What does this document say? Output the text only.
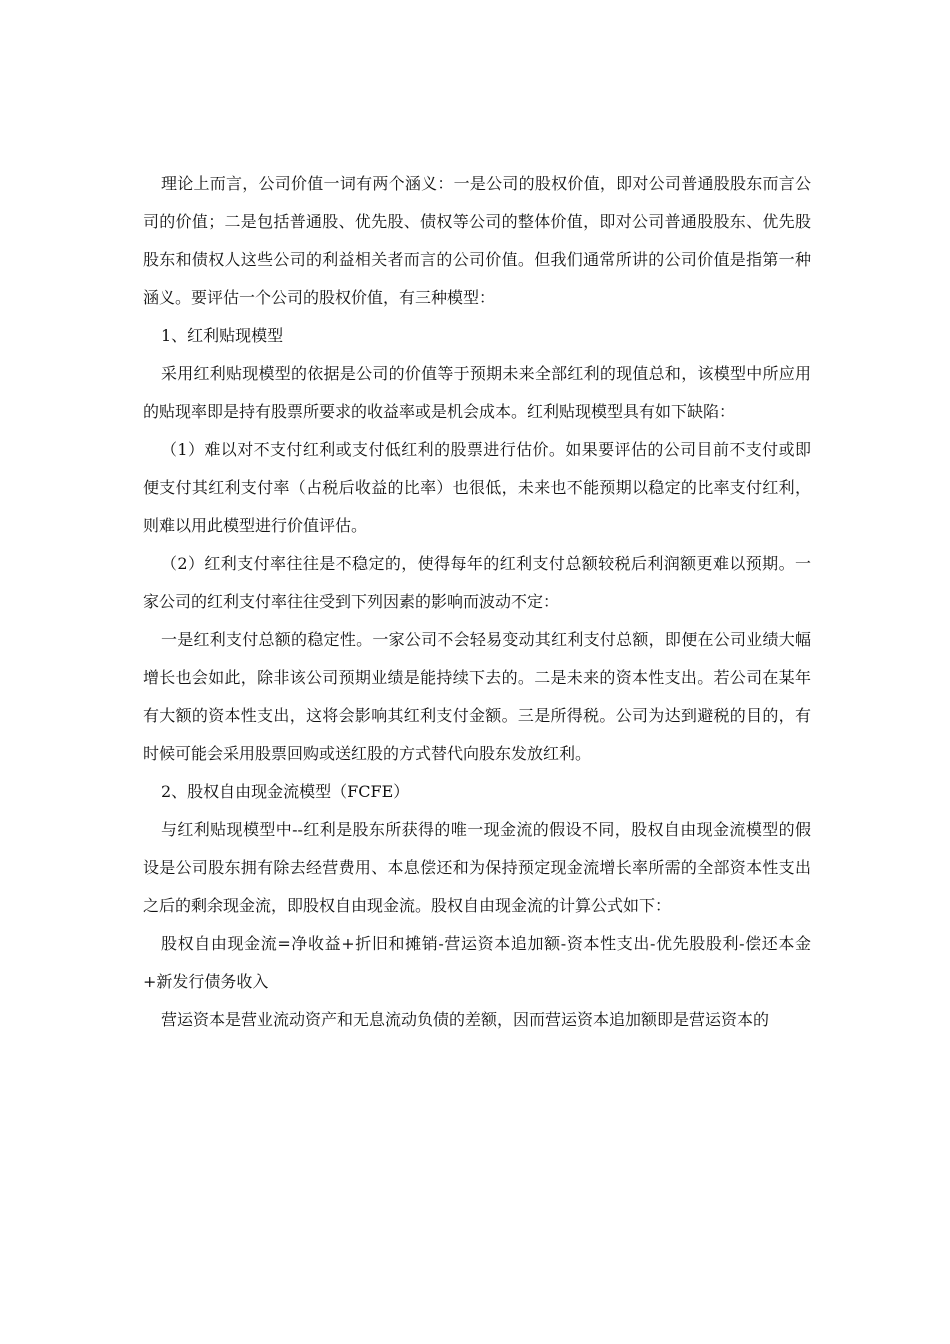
理论上而言，公司价值一词有两个涵义：一是公司的股权价值，即对公司普通股股东而言公司的价值；二是包括普通股、优先股、债权等公司的整体价值，即对公司普通股股东、优先股股东和债权人这些公司的利益相关者而言的公司价值。但我们通常所讲的公司价值是指第一种涵义。要评估一个公司的股权价值，有三种模型：

1、红利贴现模型

采用红利贴现模型的依据是公司的价值等于预期未来全部红利的现值总和，该模型中所应用的贴现率即是持有股票所要求的收益率或是机会成本。红利贴现模型具有如下缺陷：

（1）难以对不支付红利或支付低红利的股票进行估价。如果要评估的公司目前不支付或即便支付其红利支付率（占税后收益的比率）也很低，未来也不能预期以稳定的比率支付红利，则难以用此模型进行价值评估。

（2）红利支付率往往是不稳定的，使得每年的红利支付总额较税后利润额更难以预期。一家公司的红利支付率往往受到下列因素的影响而波动不定：

一是红利支付总额的稳定性。一家公司不会轻易变动其红利支付总额，即便在公司业绩大幅增长也会如此，除非该公司预期业绩是能持续下去的。二是未来的资本性支出。若公司在某年有大额的资本性支出，这将会影响其红利支付金额。三是所得税。公司为达到避税的目的，有时候可能会采用股票回购或送红股的方式替代向股东发放红利。

2、股权自由现金流模型（FCFE）

与红利贴现模型中--红利是股东所获得的唯一现金流的假设不同，股权自由现金流模型的假设是公司股东拥有除去经营费用、本息偿还和为保持预定现金流增长率所需的全部资本性支出之后的剩余现金流，即股权自由现金流。股权自由现金流的计算公式如下：

股权自由现金流=净收益+折旧和摊销-营运资本追加额-资本性支出-优先股股利-偿还本金+新发行债务收入

营运资本是营业流动资产和无息流动负债的差额，因而营运资本追加额即是营运资本的
